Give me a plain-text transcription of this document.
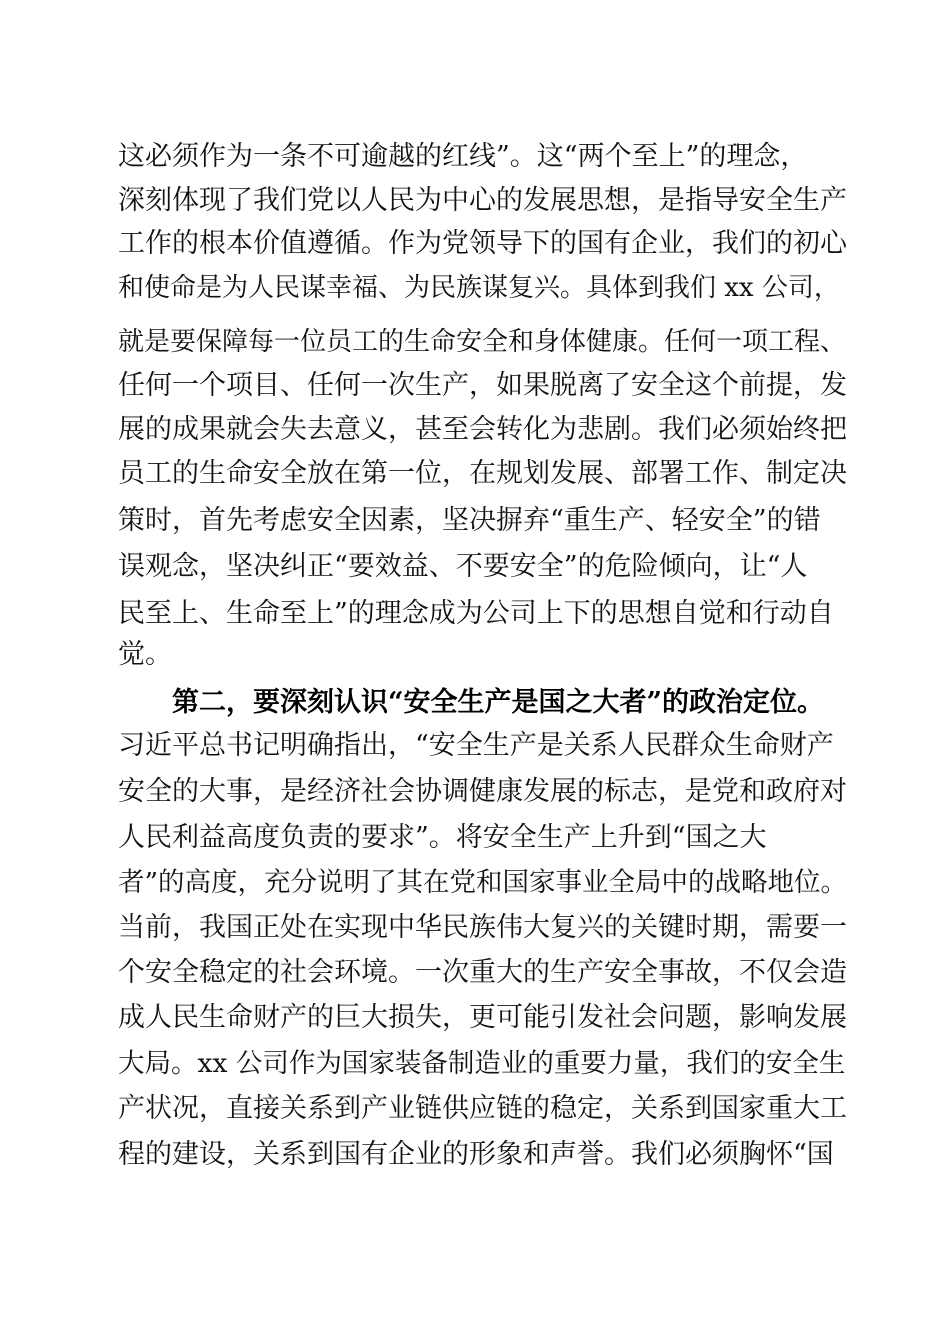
这必须作为一条不可逾越的红线”。这“两个至上”的理念，
深刻体现了我们党以人民为中心的发展思想，是指导安全生产
工作的根本价值遵循。作为党领导下的国有企业，我们的初心
和使命是为人民谋幸福、为民族谋复兴。具体到我们 xx 公司，
就是要保障每一位员工的生命安全和身体健康。任何一项工程、
任何一个项目、任何一次生产，如果脱离了安全这个前提，发
展的成果就会失去意义，甚至会转化为悲剧。我们必须始终把
员工的生命安全放在第一位，在规划发展、部署工作、制定决
策时，首先考虑安全因素，坚决摒弃“重生产、轻安全”的错
误观念，坚决纠正“要效益、不要安全”的危险倾向，让“人
民至上、生命至上”的理念成为公司上下的思想自觉和行动自
觉。
第二，要深刻认识“安全生产是国之大者”的政治定位。
习近平总书记明确指出，“安全生产是关系人民群众生命财产
安全的大事，是经济社会协调健康发展的标志，是党和政府对
人民利益高度负责的要求”。将安全生产上升到“国之大
者”的高度，充分说明了其在党和国家事业全局中的战略地位。
当前，我国正处在实现中华民族伟大复兴的关键时期，需要一
个安全稳定的社会环境。一次重大的生产安全事故，不仅会造
成人民生命财产的巨大损失，更可能引发社会问题，影响发展
大局。xx 公司作为国家装备制造业的重要力量，我们的安全生
产状况，直接关系到产业链供应链的稳定，关系到国家重大工
程的建设，关系到国有企业的形象和声誉。我们必须胸怀“国
